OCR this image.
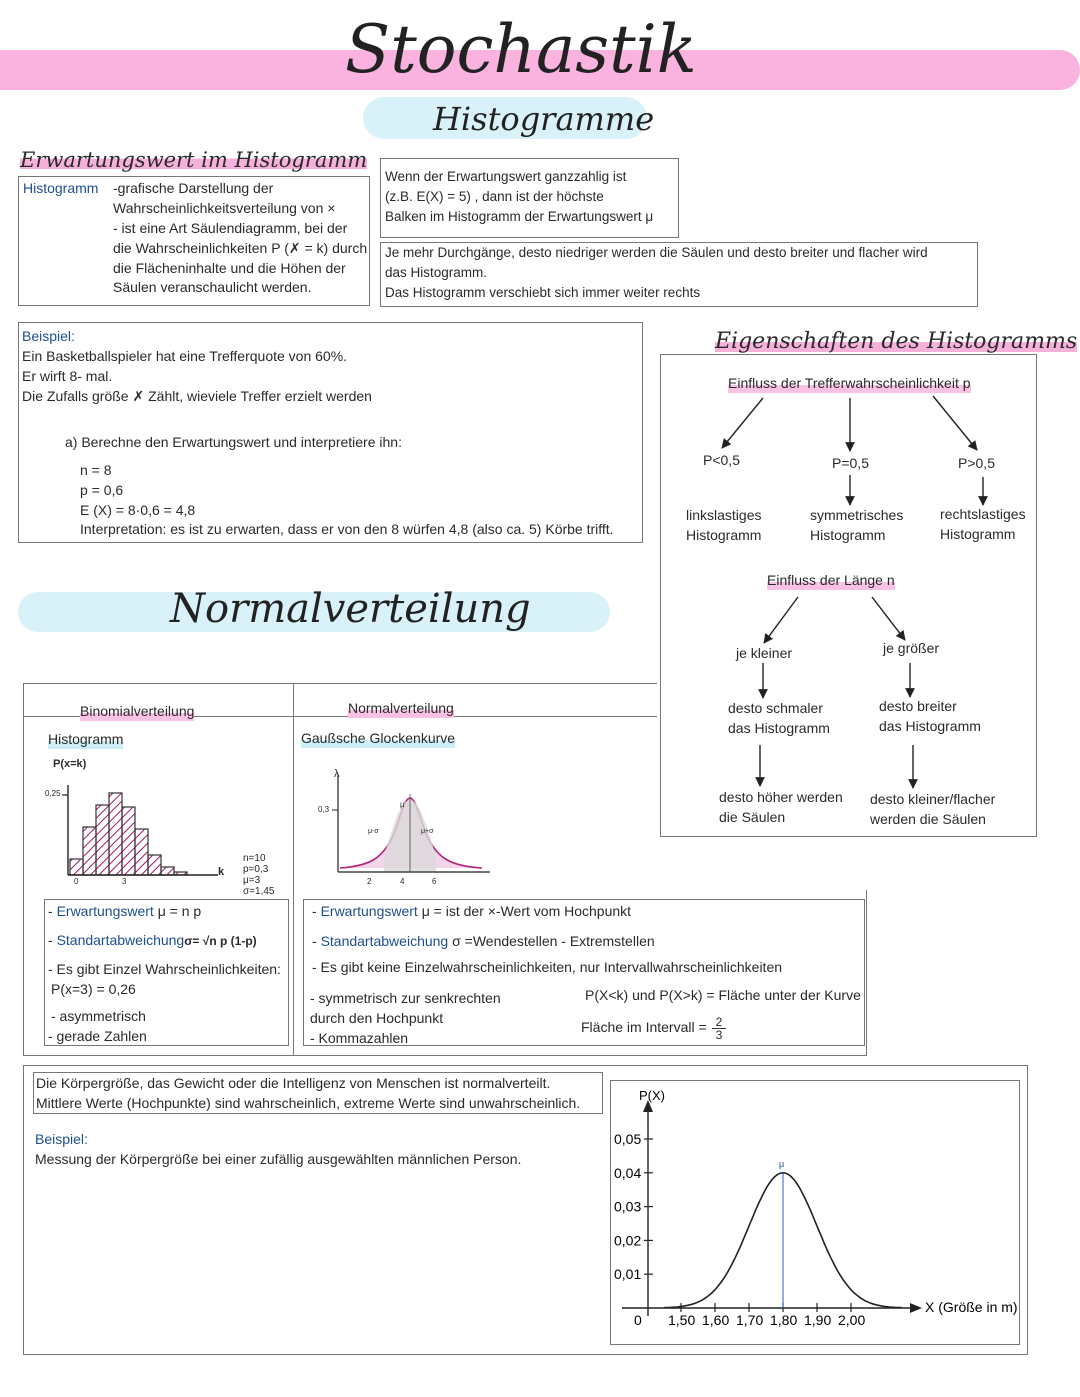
Stochastik
Histogramme
Erwartungswert im Histogramm
Histogramm -grafische Darstellung der
Wahrscheinlichkeitsverteilung von ×
- ist eine Art Säulendiagramm, bei der
die Wahrscheinlichkeiten P (✗ = k) durch
die Flächeninhalte und die Höhen der
Säulen veranschaulicht werden.
Wenn der Erwartungswert ganzzahlig ist
(z.B. E(X) = 5) , dann ist der höchste
Balken im Histogramm der Erwartungswert μ
Je mehr Durchgänge, desto niedriger werden die Säulen und desto breiter und flacher wird
das Histogramm.
Das Histogramm verschiebt sich immer weiter rechts
Beispiel:
Ein Basketballspieler hat eine Trefferquote von 60%.
Er wirft 8- mal.
Die Zufalls größe ✗ Zählt, wieviele Treffer erzielt werden
a) Berechne den Erwartungswert und interpretiere ihn:
n = 8
p = 0,6
E (X) = 8·0,6 = 4,8
Interpretation: es ist zu erwarten, dass er von den 8 würfen 4,8 (also ca. 5) Körbe trifft.
Eigenschaften des Histogramms
Einfluss der Trefferwahrscheinlichkeit p
P<0,5	P=0,5	P>0,5
linkslastiges
Histogramm
symmetrisches
Histogramm
rechtslastiges
Histogramm
Einfluss der Länge n
je kleiner	je größer
desto schmaler
das Histogramm
desto breiter
das Histogramm
desto höher werden
die Säulen
desto kleiner/flacher
werden die Säulen
Normalverteilung
Binomialverteilung	Normalverteilung
Histogramm	Gaußsche Glockenkurve
P(x=k)
0,25
k
0	3
n=10
p=0,3
μ=3
σ=1,45
λ
0,3
μ
μ-σ	μ+σ
2	4	6
- Erwartungswert μ = n p
- Standartabweichungσ= √n p (1-p)
- Es gibt Einzel Wahrscheinlichkeiten:
P(x=3) = 0,26
- asymmetrisch
- gerade Zahlen
- Erwartungswert μ = ist der ×-Wert vom Hochpunkt
- Standartabweichung σ =Wendestellen - Extremstellen
- Es gibt keine Einzelwahrscheinlichkeiten, nur Intervallwahrscheinlichkeiten
- symmetrisch zur senkrechten
durch den Hochpunkt
- Kommazahlen
P(X<k) und P(X>k) = Fläche unter der Kurve
Fläche im Intervall = $\frac{2}{3}$
Die Körpergröße, das Gewicht oder die Intelligenz von Menschen ist normalverteilt.
Mittlere Werte (Hochpunkte) sind wahrscheinlich, extreme Werte sind unwahrscheinlich.
Beispiel:
Messung der Körpergröße bei einer zufällig ausgewählten männlichen Person.
P(X)
X (Größe in m)
0
0,01
0,02
0,03
0,04
0,05
1,50 1,60 1,70 1,80 1,90 2,00
μ
